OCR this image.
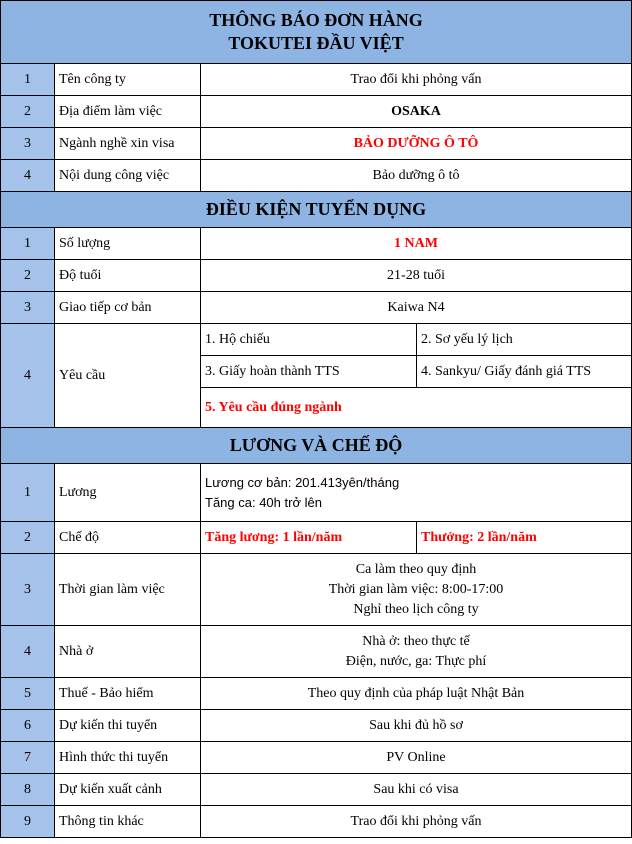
THÔNG BÁO ĐƠN HÀNG
TOKUTEI ĐẦU VIỆT			

1	Tên công ty	Trao đổi khi phỏng vấn	
2	Địa điểm làm việc	OSAKA	
3	Ngành nghề xin visa	BẢO DƯỠNG Ô TÔ	
4	Nội dung công việc	Bảo dưỡng ô tô	
ĐIỀU KIỆN TUYỂN DỤNG			
1	Số lượng	1 NAM	
2	Độ tuổi	21-28 tuổi	
3	Giao tiếp cơ bản	Kaiwa N4	
4	Yêu cầu	1. Hộ chiếu	2. Sơ yếu lý lịch
		3. Giấy hoàn thành TTS	4. Sankyu/ Giấy đánh giá TTS
		5. Yêu cầu đúng ngành	
LƯƠNG VÀ CHẾ ĐỘ			
1	Lương	Lương cơ bản: 201.413yên/tháng
Tăng ca: 40h trở lên	

2	Chế độ	Tăng lương: 1 lần/năm	Thưởng: 2 lần/năm
3	Thời gian làm việc	Ca làm theo quy định
Thời gian làm việc: 8:00-17:00
Nghỉ theo lịch công ty	

4	Nhà ở	Nhà ở: theo thực tế
Điện, nước, ga: Thực phí	

5	Thuế - Bảo hiểm	Theo quy định của pháp luật Nhật Bản	
6	Dự kiến thi tuyển	Sau khi đủ hồ sơ	
7	Hình thức thi tuyển	PV Online	
8	Dự kiến xuất cảnh	Sau khi có visa	
9	Thông tin khác	Trao đổi khi phỏng vấn	
